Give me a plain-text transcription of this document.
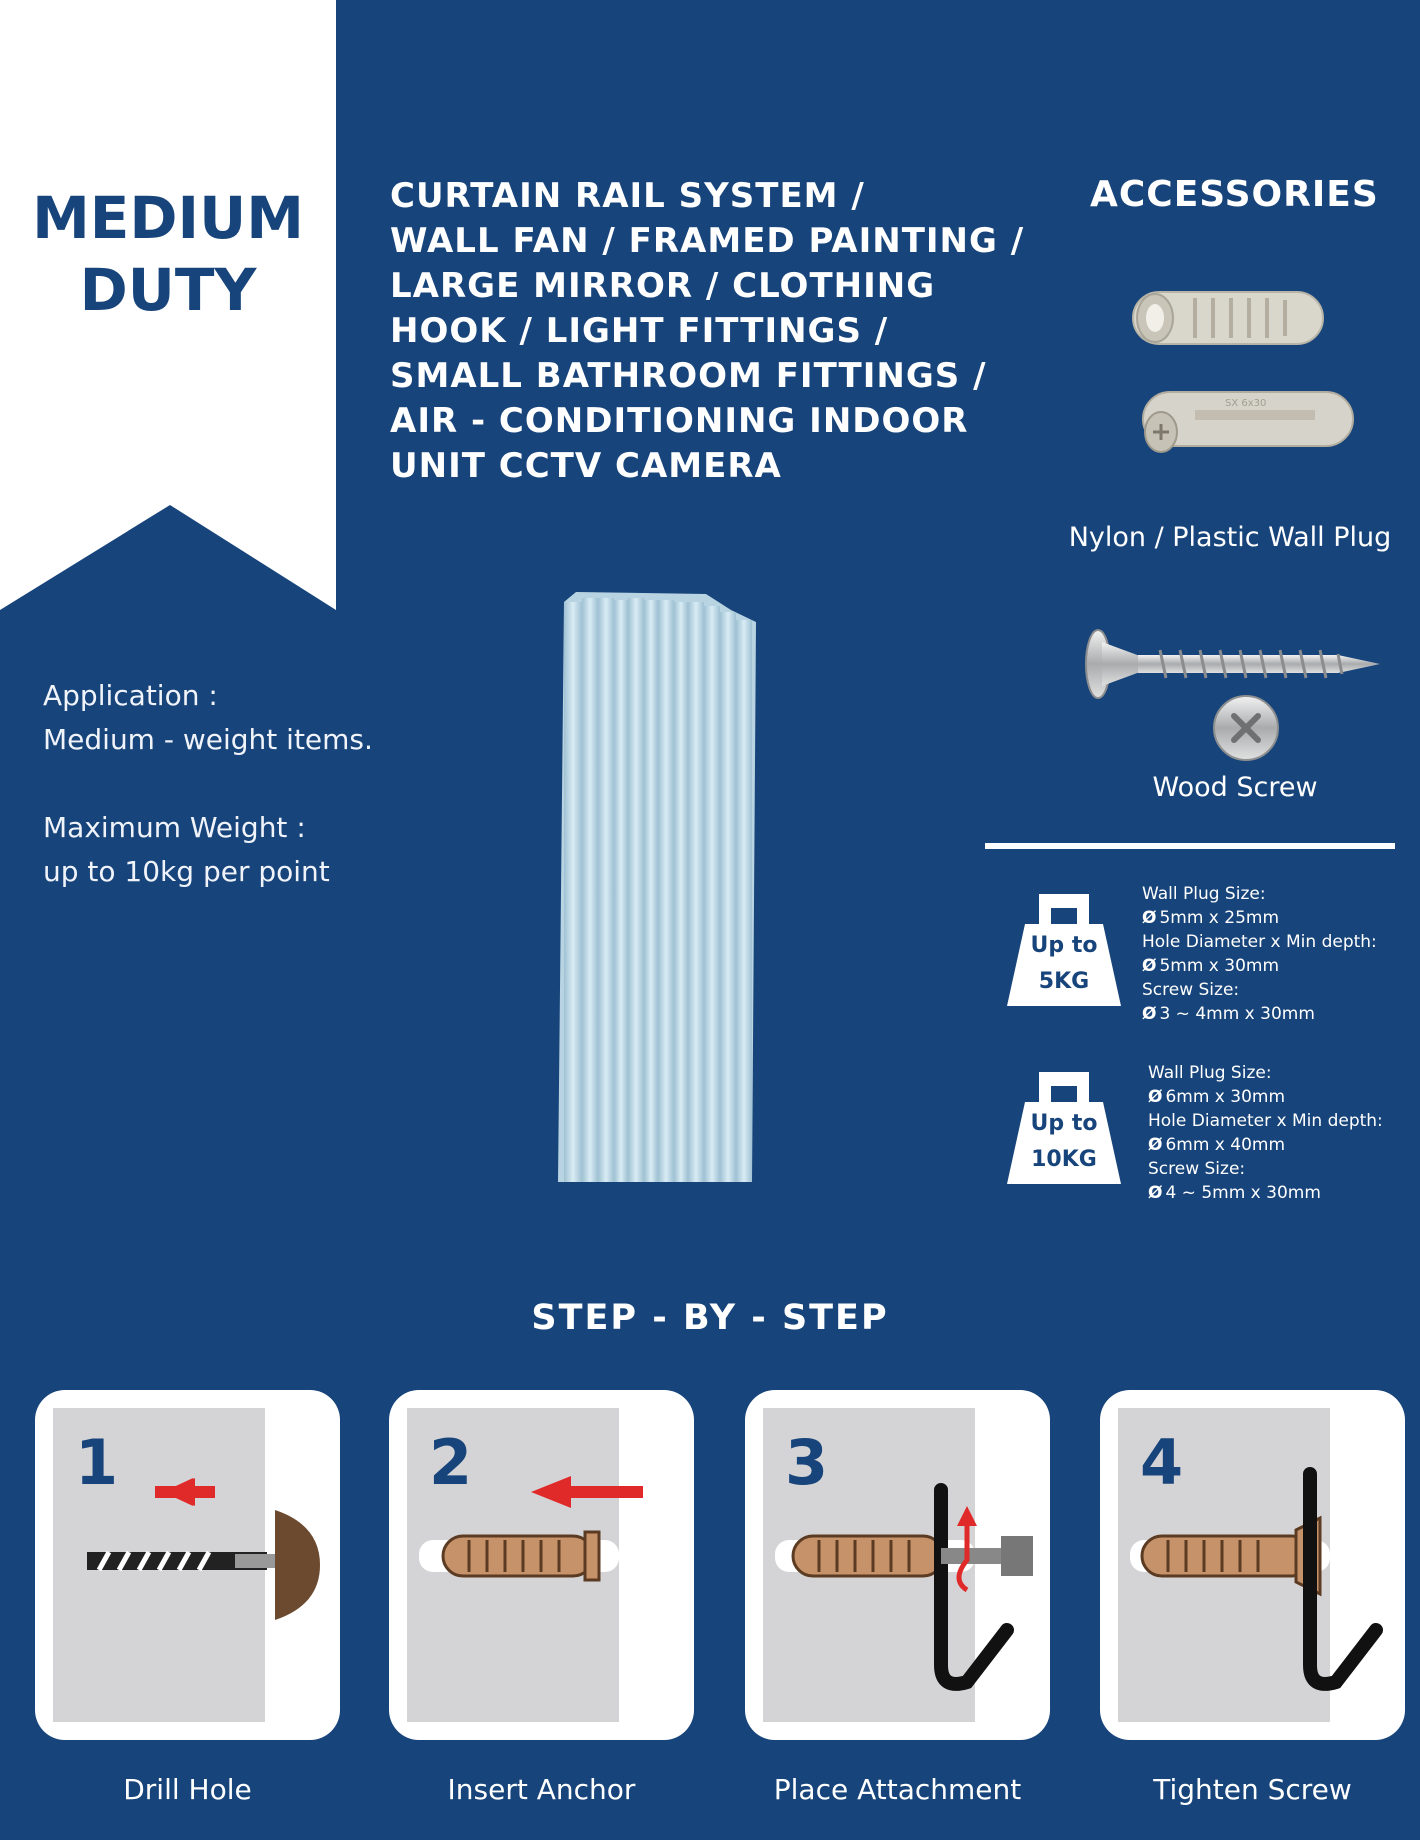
MEDIUM
DUTY
CURTAIN RAIL SYSTEM /
WALL FAN / FRAMED PAINTING /
LARGE MIRROR / CLOTHING
HOOK / LIGHT FITTINGS /
SMALL BATHROOM FITTINGS /
AIR - CONDITIONING INDOOR
UNIT CCTV CAMERA
ACCESSORIES
SX 6x30
Nylon / Plastic Wall Plug
Wood Screw
Application :
Medium - weight items.
Maximum Weight :
up to 10kg per point
Up to
5KG
Wall Plug Size:
Ø 5mm x 25mm
Hole Diameter x Min depth:
Ø 5mm x 30mm
Screw Size:
Ø 3 ~ 4mm x 30mm
Up to
10KG
Wall Plug Size:
Ø 6mm x 30mm
Hole Diameter x Min depth:
Ø 6mm x 40mm
Screw Size:
Ø 4 ~ 5mm x 30mm
STEP - BY - STEP
1	2	3	4
Drill Hole	Insert Anchor	Place Attachment	Tighten Screw
